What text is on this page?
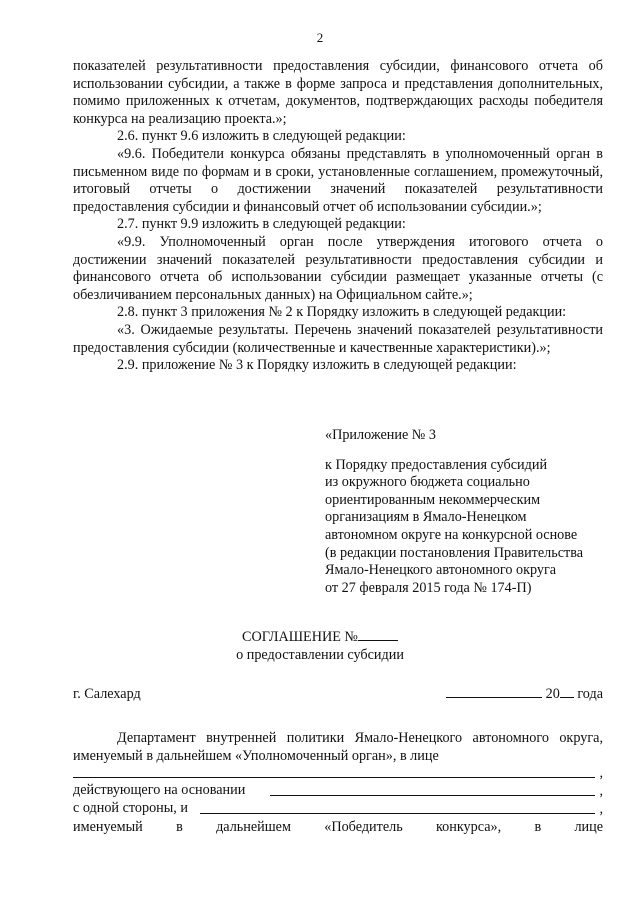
2

показателей результативности предоставления субсидии, финансового отчета об использовании субсидии, а также в форме запроса и представления дополнительных, помимо приложенных к отчетам, документов, подтверждающих расходы победителя конкурса на реализацию проекта.»;

2.6. пункт 9.6 изложить в следующей редакции:

«9.6. Победители конкурса обязаны представлять в уполномоченный орган в письменном виде по формам и в сроки, установленные соглашением, промежуточный, итоговый отчеты о достижении значений показателей результативности предоставления субсидии и финансовый отчет об использовании субсидии.»;

2.7. пункт 9.9 изложить в следующей редакции:

«9.9. Уполномоченный орган после утверждения итогового отчета о достижении значений показателей результативности предоставления субсидии и финансового отчета об использовании субсидии размещает указанные отчеты (с обезличиванием персональных данных) на Официальном сайте.»;

2.8. пункт 3 приложения № 2 к Порядку изложить в следующей редакции:

«3. Ожидаемые результаты. Перечень значений показателей результативности предоставления субсидии (количественные и качественные характеристики).»;

2.9. приложение № 3 к Порядку изложить в следующей редакции:

«Приложение № 3

к Порядку предоставления субсидий

из окружного бюджета социально

ориентированным некоммерческим

организациям в Ямало-Ненецком

автономном округе на конкурсной основе

(в редакции постановления Правительства

Ямало-Ненецкого автономного округа

от 27 февраля 2015 года № 174-П)

СОГЛАШЕНИЕ №
о предоставлении субсидии
г. Салехард	20 года

Департамент внутренней политики Ямало-Ненецкого автономного округа, именуемый в дальнейшем «Уполномоченный орган», в лице

,
действующего на основании	,
с одной стороны, и	,
именуемый в дальнейшем «Победитель конкурса», в лице
